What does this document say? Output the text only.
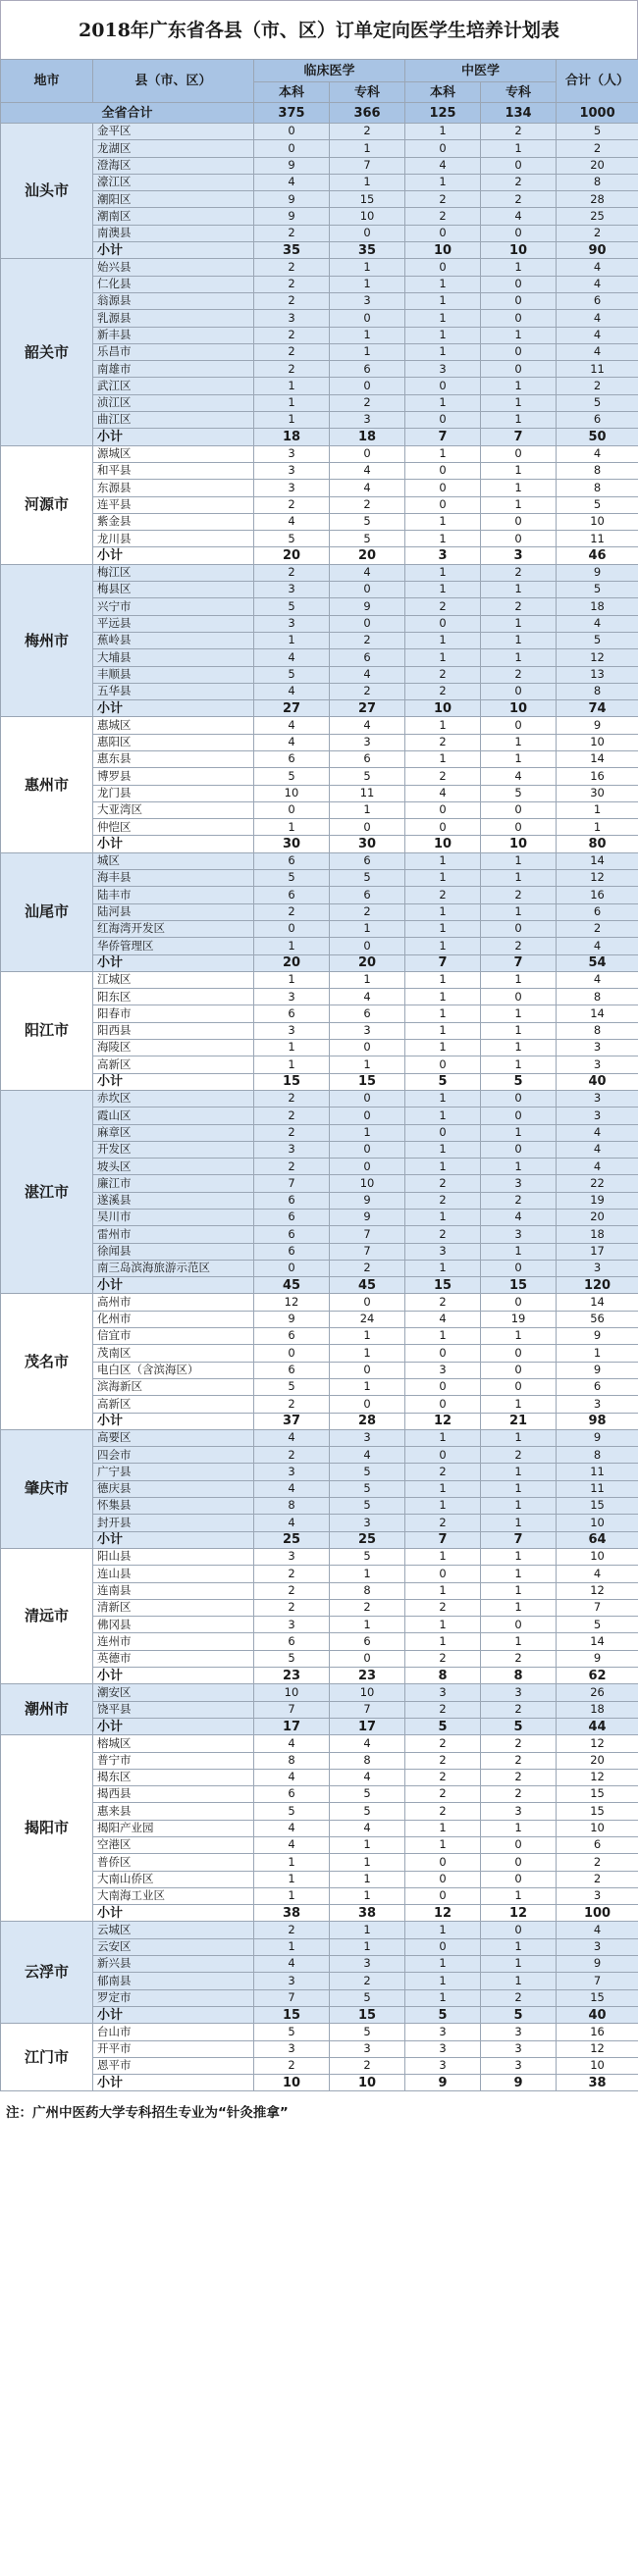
2018年广东省各县（市、区）订单定向医学生培养计划表
地市	县（市、区）	临床医学		中医学		合计（人）
		本科	专科	本科	专科	
全省合计		375	366	125	134	1000
汕头市	金平区	0	2	1	2	5
	龙湖区	0	1	0	1	2
	澄海区	9	7	4	0	20
	濠江区	4	1	1	2	8
	潮阳区	9	15	2	2	28
	潮南区	9	10	2	4	25
	南澳县	2	0	0	0	2
	小计	35	35	10	10	90
韶关市	始兴县	2	1	0	1	4
	仁化县	2	1	1	0	4
	翁源县	2	3	1	0	6
	乳源县	3	0	1	0	4
	新丰县	2	1	1	1	4
	乐昌市	2	1	1	0	4
	南雄市	2	6	3	0	11
	武江区	1	0	0	1	2
	浈江区	1	2	1	1	5
	曲江区	1	3	0	1	6
	小计	18	18	7	7	50
河源市	源城区	3	0	1	0	4
	和平县	3	4	0	1	8
	东源县	3	4	0	1	8
	连平县	2	2	0	1	5
	紫金县	4	5	1	0	10
	龙川县	5	5	1	0	11
	小计	20	20	3	3	46
梅州市	梅江区	2	4	1	2	9
	梅县区	3	0	1	1	5
	兴宁市	5	9	2	2	18
	平远县	3	0	0	1	4
	蕉岭县	1	2	1	1	5
	大埔县	4	6	1	1	12
	丰顺县	5	4	2	2	13
	五华县	4	2	2	0	8
	小计	27	27	10	10	74
惠州市	惠城区	4	4	1	0	9
	惠阳区	4	3	2	1	10
	惠东县	6	6	1	1	14
	博罗县	5	5	2	4	16
	龙门县	10	11	4	5	30
	大亚湾区	0	1	0	0	1
	仲恺区	1	0	0	0	1
	小计	30	30	10	10	80
汕尾市	城区	6	6	1	1	14
	海丰县	5	5	1	1	12
	陆丰市	6	6	2	2	16
	陆河县	2	2	1	1	6
	红海湾开发区	0	1	1	0	2
	华侨管理区	1	0	1	2	4
	小计	20	20	7	7	54
阳江市	江城区	1	1	1	1	4
	阳东区	3	4	1	0	8
	阳春市	6	6	1	1	14
	阳西县	3	3	1	1	8
	海陵区	1	0	1	1	3
	高新区	1	1	0	1	3
	小计	15	15	5	5	40
湛江市	赤坎区	2	0	1	0	3
	霞山区	2	0	1	0	3
	麻章区	2	1	0	1	4
	开发区	3	0	1	0	4
	坡头区	2	0	1	1	4
	廉江市	7	10	2	3	22
	遂溪县	6	9	2	2	19
	吴川市	6	9	1	4	20
	雷州市	6	7	2	3	18
	徐闻县	6	7	3	1	17
	南三岛滨海旅游示范区	0	2	1	0	3
	小计	45	45	15	15	120
茂名市	高州市	12	0	2	0	14
	化州市	9	24	4	19	56
	信宜市	6	1	1	1	9
	茂南区	0	1	0	0	1
	电白区（含滨海区）	6	0	3	0	9
	滨海新区	5	1	0	0	6
	高新区	2	0	0	1	3
	小计	37	28	12	21	98
肇庆市	高要区	4	3	1	1	9
	四会市	2	4	0	2	8
	广宁县	3	5	2	1	11
	德庆县	4	5	1	1	11
	怀集县	8	5	1	1	15
	封开县	4	3	2	1	10
	小计	25	25	7	7	64
清远市	阳山县	3	5	1	1	10
	连山县	2	1	0	1	4
	连南县	2	8	1	1	12
	清新区	2	2	2	1	7
	佛冈县	3	1	1	0	5
	连州市	6	6	1	1	14
	英德市	5	0	2	2	9
	小计	23	23	8	8	62
潮州市	潮安区	10	10	3	3	26
	饶平县	7	7	2	2	18
	小计	17	17	5	5	44
揭阳市	榕城区	4	4	2	2	12
	普宁市	8	8	2	2	20
	揭东区	4	4	2	2	12
	揭西县	6	5	2	2	15
	惠来县	5	5	2	3	15
	揭阳产业园	4	4	1	1	10
	空港区	4	1	1	0	6
	普侨区	1	1	0	0	2
	大南山侨区	1	1	0	0	2
	大南海工业区	1	1	0	1	3
	小计	38	38	12	12	100
云浮市	云城区	2	1	1	0	4
	云安区	1	1	0	1	3
	新兴县	4	3	1	1	9
	郁南县	3	2	1	1	7
	罗定市	7	5	1	2	15
	小计	15	15	5	5	40
江门市	台山市	5	5	3	3	16
	开平市	3	3	3	3	12
	恩平市	2	2	3	3	10
	小计	10	10	9	9	38
注：广州中医药大学专科招生专业为“针灸推拿”
